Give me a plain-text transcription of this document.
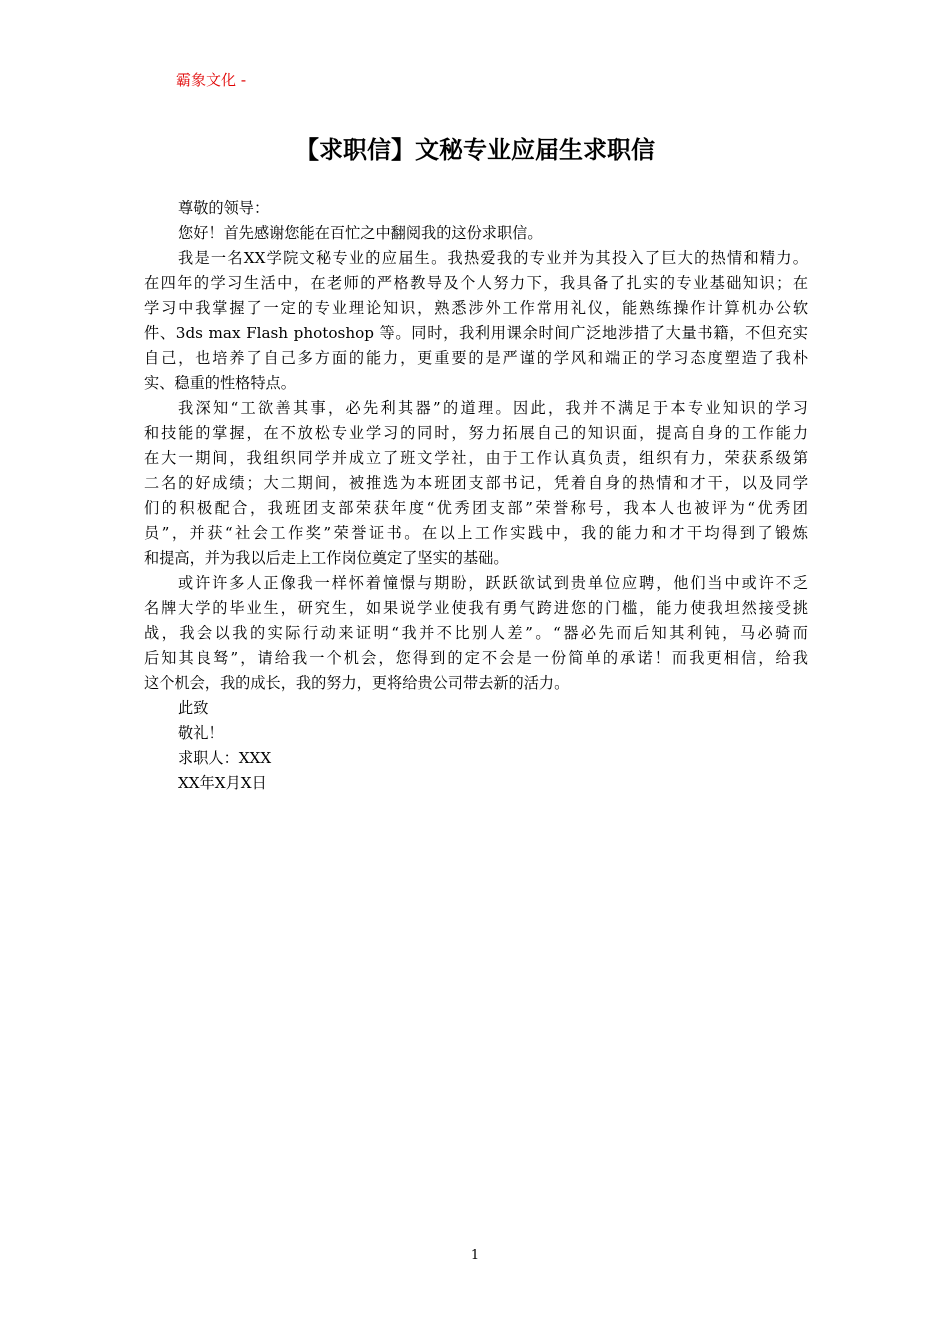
霸象文化 -
【求职信】文秘专业应届生求职信
尊敬的领导：
您好！首先感谢您能在百忙之中翻阅我的这份求职信。
我是一名XX学院文秘专业的应届生。我热爱我的专业并为其投入了巨大的热情和精力。
在四年的学习生活中，在老师的严格教导及个人努力下，我具备了扎实的专业基础知识；在
学习中我掌握了一定的专业理论知识，熟悉涉外工作常用礼仪，能熟练操作计算机办公软
件、3ds max Flash photoshop 等。同时，我利用课余时间广泛地涉措了大量书籍，不但充实
自己，也培养了自己多方面的能力，更重要的是严谨的学风和端正的学习态度塑造了我朴
实、稳重的性格特点。
我深知“工欲善其事，必先利其器”的道理。因此，我并不满足于本专业知识的学习
和技能的掌握，在不放松专业学习的同时，努力拓展自己的知识面，提高自身的工作能力
在大一期间，我组织同学并成立了班文学社，由于工作认真负责，组织有力，荣获系级第
二名的好成绩；大二期间，被推选为本班团支部书记，凭着自身的热情和才干，以及同学
们的积极配合，我班团支部荣获年度“优秀团支部”荣誉称号，我本人也被评为“优秀团
员”，并获“社会工作奖”荣誉证书。在以上工作实践中，我的能力和才干均得到了锻炼
和提高，并为我以后走上工作岗位奠定了坚实的基础。
或许许多人正像我一样怀着憧憬与期盼，跃跃欲试到贵单位应聘，他们当中或许不乏
名牌大学的毕业生，研究生，如果说学业使我有勇气跨进您的门槛，能力使我坦然接受挑
战，我会以我的实际行动来证明“我并不比别人差”。“器必先而后知其利钝，马必骑而
后知其良驽”，请给我一个机会，您得到的定不会是一份简单的承诺！而我更相信，给我
这个机会，我的成长，我的努力，更将给贵公司带去新的活力。
此致
敬礼！
求职人：XXX
XX年X月X日
1
